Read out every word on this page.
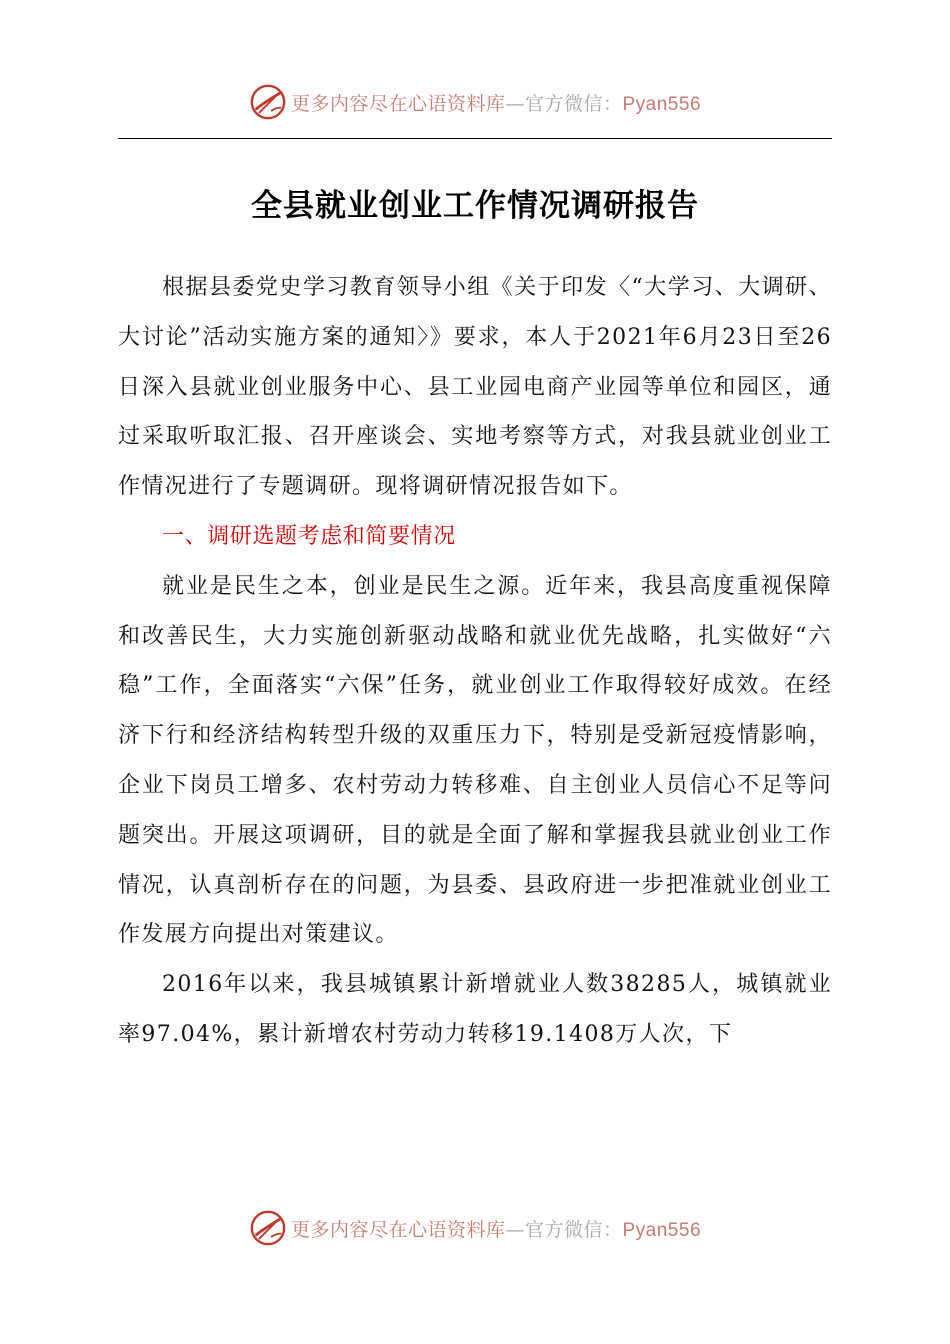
更多内容尽在心语资料库—官方微信：Pyan556
全县就业创业工作情况调研报告

根据县委党史学习教育领导小组《关于印发〈“大学习、大调研、大讨论”活动实施方案的通知〉》要求，本人于2021年6月23日至26日深入县就业创业服务中心、县工业园电商产业园等单位和园区，通过采取听取汇报、召开座谈会、实地考察等方式，对我县就业创业工作情况进行了专题调研。现将调研情况报告如下。

一、调研选题考虑和简要情况

就业是民生之本，创业是民生之源。近年来，我县高度重视保障和改善民生，大力实施创新驱动战略和就业优先战略，扎实做好“六稳”工作，全面落实“六保”任务，就业创业工作取得较好成效。在经济下行和经济结构转型升级的双重压力下，特别是受新冠疫情影响，企业下岗员工增多、农村劳动力转移难、自主创业人员信心不足等问题突出。开展这项调研，目的就是全面了解和掌握我县就业创业工作情况，认真剖析存在的问题，为县委、县政府进一步把准就业创业工作发展方向提出对策建议。

2016年以来，我县城镇累计新增就业人数38285人，城镇就业率97.04%，累计新增农村劳动力转移19.1408万人次，下

更多内容尽在心语资料库—官方微信：Pyan556
